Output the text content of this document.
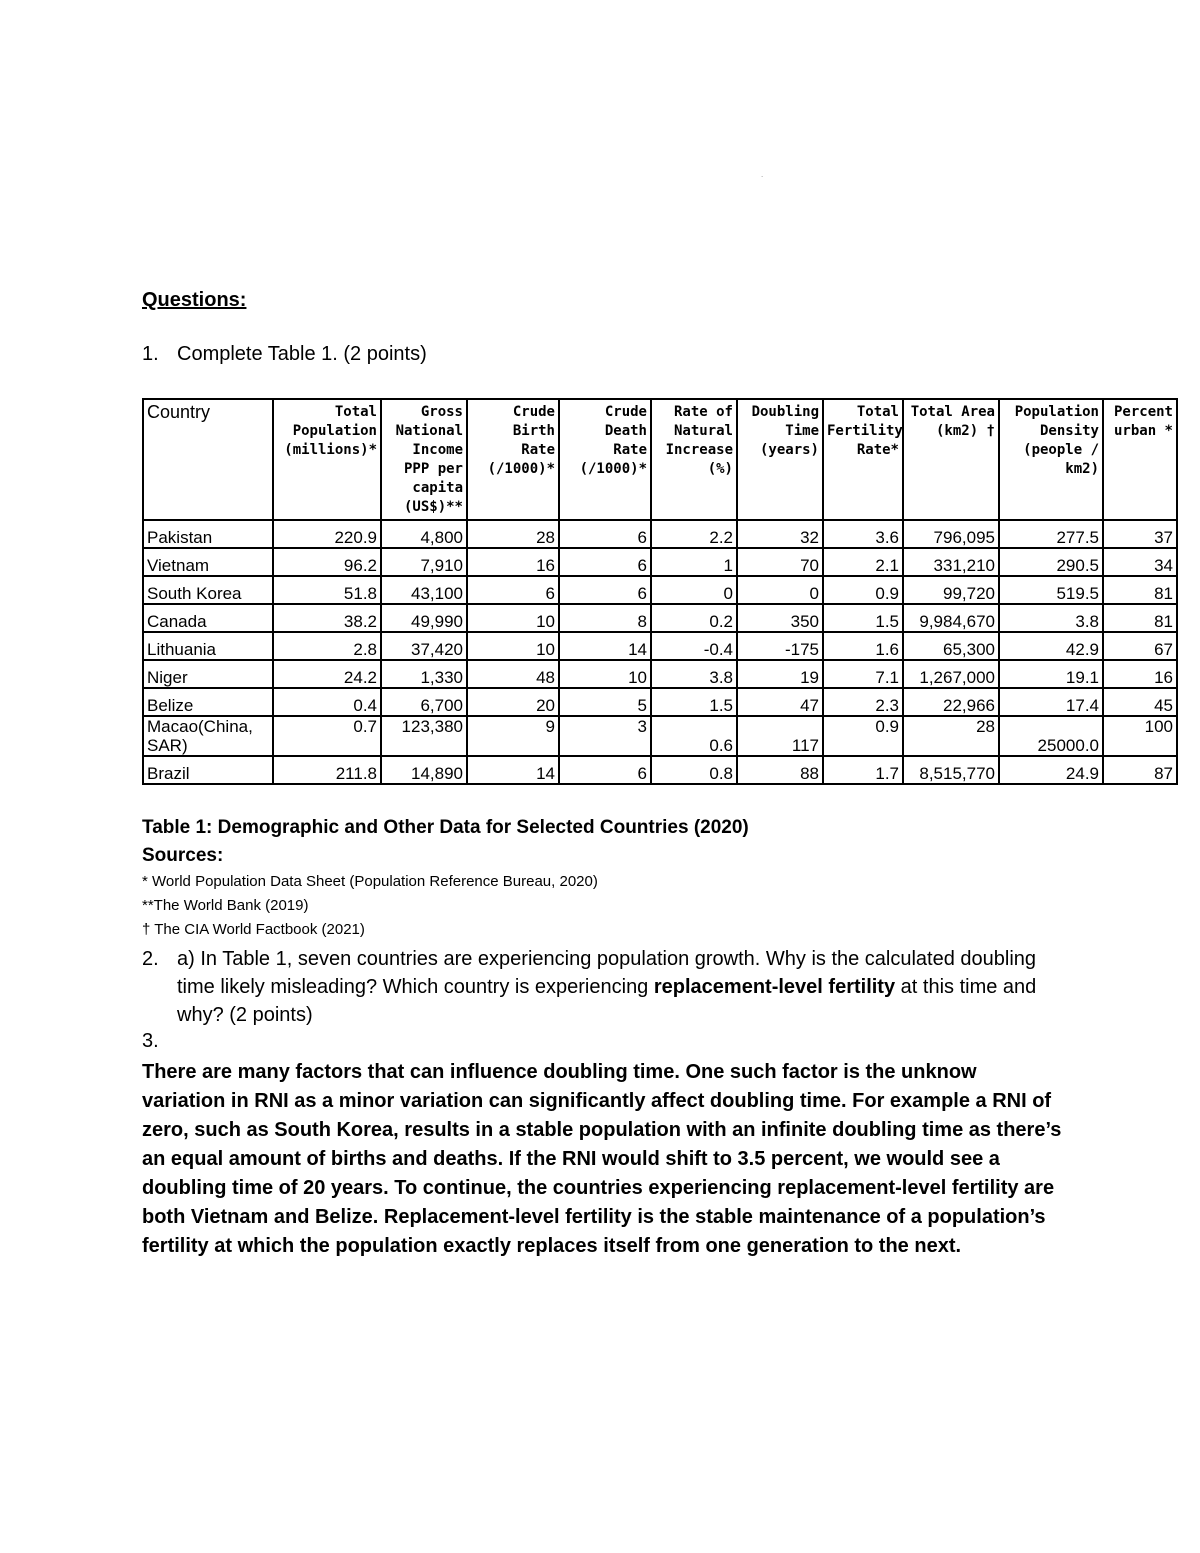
.
Questions:
1. Complete Table 1. (2 points)
Country	Total Population (millions)*	Gross National Income PPP per capita (US$)**	Crude Birth Rate (/1000)*	Crude Death Rate (/1000)*	Rate of Natural Increase (%)	Doubling Time (years)	Total Fertility Rate*	Total Area (km2) †	Population Density (people / km2)	Percent urban *
Pakistan	220.9	4,800	28	6	2.2	32	3.6	796,095	277.5	37
Vietnam	96.2	7,910	16	6	1	70	2.1	331,210	290.5	34
South Korea	51.8	43,100	6	6	0	0	0.9	99,720	519.5	81
Canada	38.2	49,990	10	8	0.2	350	1.5	9,984,670	3.8	81
Lithuania	2.8	37,420	10	14	-0.4	-175	1.6	65,300	42.9	67
Niger	24.2	1,330	48	10	3.8	19	7.1	1,267,000	19.1	16
Belize	0.4	6,700	20	5	1.5	47	2.3	22,966	17.4	45
Macao(China, SAR)	0.7	123,380	9	3	0.6	117	0.9	28	25000.0	100
Brazil	211.8	14,890	14	6	0.8	88	1.7	8,515,770	24.9	87
Table 1: Demographic and Other Data for Selected Countries (2020)
Sources:
* World Population Data Sheet (Population Reference Bureau, 2020)
**The World Bank (2019)
† The CIA World Factbook (2021)
2. a) In Table 1, seven countries are experiencing population growth. Why is the calculated doubling time likely misleading? Which country is experiencing replacement-level fertility at this time and why? (2 points)
3.
There are many factors that can influence doubling time. One such factor is the unknow variation in RNI as a minor variation can significantly affect doubling time. For example a RNI of zero, such as South Korea, results in a stable population with an infinite doubling time as there’s an equal amount of births and deaths. If the RNI would shift to 3.5 percent, we would see a doubling time of 20 years. To continue, the countries experiencing replacement-level fertility are both Vietnam and Belize. Replacement-level fertility is the stable maintenance of a population’s fertility at which the population exactly replaces itself from one generation to the next.
